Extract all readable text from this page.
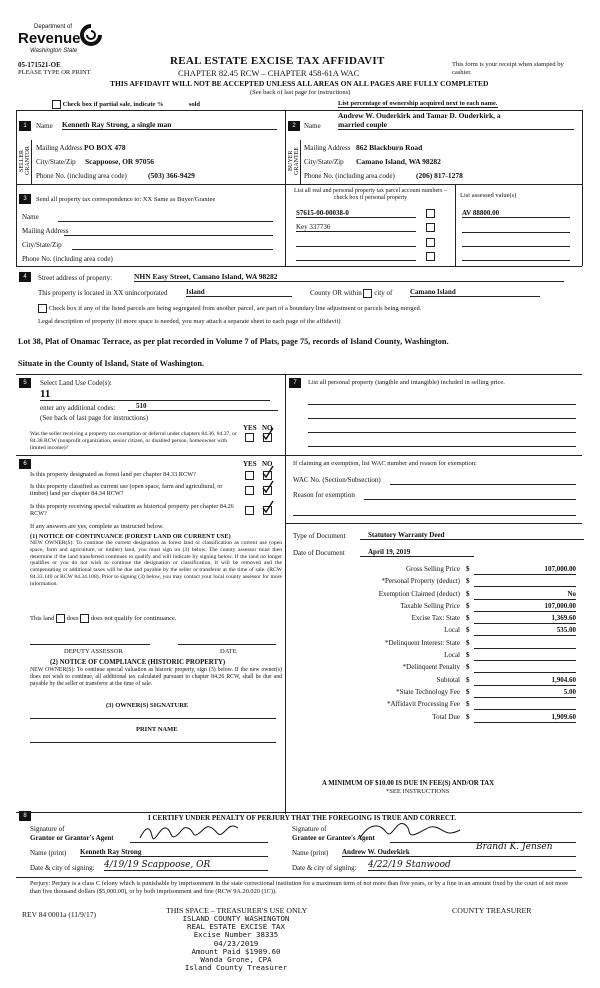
Department of
Revenue
Washington State
05-171521-OE
PLEASE TYPE OR PRINT
REAL ESTATE EXCISE TAX AFFIDAVIT
CHAPTER 82.45 RCW – CHAPTER 458-61A WAC
THIS AFFIDAVIT WILL NOT BE ACCEPTED UNLESS ALL AREAS ON ALL PAGES ARE FULLY COMPLETED
(See back of last page for instructions)
This form is your receipt when stamped by cashier.
Check box if partial sale, indicate %	sold	List percentage of ownership acquired next to each name.
1	Name Kenneth Ray Strong, a single man
SELLER GRANTOR Mailing Address PO BOX 478
City/State/Zip Scappoose, OR 97056
Phone No. (including area code)	(503) 366-9429
Andrew W. Ouderkirk and Tamar D. Ouderkirk, a
2	Name married couple
BUYER GRANTEE Mailing Address 862 Blackburn Road
City/State/Zip Camano Island, WA 98282
Phone No. (including area code)	(206) 817-1278
3	Send all property tax correspondence to: XX Same as Buyer/Grantee
Name
Mailing Address
City/State/Zip
Phone No. (including area code)
List all real and personal property tax parcel account numbers – check box if personal property	List assessed value(s)
S7615-00-00038-0	AV 88800.00
Key 337736
4	Street address of property:	NHN Easy Street, Camano Island, WA 98282
This property is located in XX unincorporated	Island	County OR within city of	Camano Island
Check box if any of the listed parcels are being segregated from another parcel, are part of a boundary line adjustment or parcels being merged.
Legal description of property (if more space is needed, you may attach a separate sheet to each page of the affidavit)
Lot 38, Plat of Onamac Terrace, as per plat recorded in Volume 7 of Plats, page 75, records of Island County, Washington.
Situate in the County of Island, State of Washington.
5	Select Land Use Code(s):
11
enter any additional codes:	510
(See back of last page for instructions)
YES NO
Was the seller receiving a property tax exemption or deferral under chapters 84.36, 84.37, or 84.38 RCW (nonprofit organization, senior citizen, or disabled person, homeowner with limited income)?
6	YES NO
Is this property designated as forest land per chapter 84.33 RCW?
Is this property classified as current use (open space, farm and agricultural, or timber) land per chapter 84.34 RCW?
Is this property receiving special valuation as historical property per chapter 84.26 RCW?
If any answers are yes, complete as instructed below.
(1) NOTICE OF CONTINUANCE (FOREST LAND OR CURRENT USE)
NEW OWNER(S): To continue the current designation as forest land or classification as current use (open space, farm and agriculture, or timber) land, you must sign on (3) below. The county assessor must then determine if the land transferred continues to qualify and will indicate by signing below. If the land no longer qualifies or you do not wish to continue the designation or classification, it will be removed and the compensating or additional taxes will be due and payable by the seller or transferor at the time of sale. (RCW 84.33.140 or RCW 84.34.108). Prior to signing (3) below, you may contact your local county assessor for more information.
This land does does not qualify for continuance.
DEPUTY ASSESSOR	DATE
(2) NOTICE OF COMPLIANCE (HISTORIC PROPERTY)
NEW OWNER(S): To continue special valuation as historic property, sign (3) below. If the new owner(s) does not wish to continue, all additional tax calculated pursuant to chapter 84.26 RCW, shall be due and payable by the seller or transferor at the time of sale.
(3) OWNER(S) SIGNATURE
PRINT NAME
7	List all personal property (tangible and intangible) included in selling price.
If claiming an exemption, list WAC number and reason for exemption:
WAC No. (Section/Subsection)
Reason for exemption
Type of Document	Statutory Warranty Deed
Date of Document	April 19, 2019
Gross Selling Price $	107,000.00
*Personal Property (deduct) $
Exemption Claimed (deduct) $	No
Taxable Selling Price $	107,000.00
Excise Tax: State $	1,369.60
Local $	535.00
*Delinquent Interest: State $
Local $
*Delinquent Penalty $
Subtotal $	1,904.60
*State Technology Fee $	5.00
*Affidavit Processing Fee $
Total Due $	1,909.60
A MINIMUM OF $10.00 IS DUE IN FEE(S) AND/OR TAX
*SEE INSTRUCTIONS
8	I CERTIFY UNDER PENALTY OF PERJURY THAT THE FOREGOING IS TRUE AND CORRECT.
Signature of
Grantor or Grantor's Agent
Name (print) Kenneth Ray Strong
Date & city of signing: 4/19/19 Scappoose, OR
Signature of
Grantee or Grantee's Agent
Name (print) Andrew W. Ouderkirk	Brandi K. Jensen
Date & city of signing: 4/22/19 Stanwood
Perjury: Perjury is a class C felony which is punishable by imprisonment in the state correctional institution for a maximum term of not more than five years, or by a fine in an amount fixed by the court of not more than five thousand dollars ($5,000.00), or by both imprisonment and fine (RCW 9A.20.020 (1C)).
REV 84 0001a (11/9/17)	THIS SPACE – TREASURER'S USE ONLY	COUNTY TREASURER
ISLAND COUNTY WASHINGTON
REAL ESTATE EXCISE TAX
Excise Number 38335
04/23/2019
Amount Paid $1909.60
Wanda Grone, CPA
Island County Treasurer
